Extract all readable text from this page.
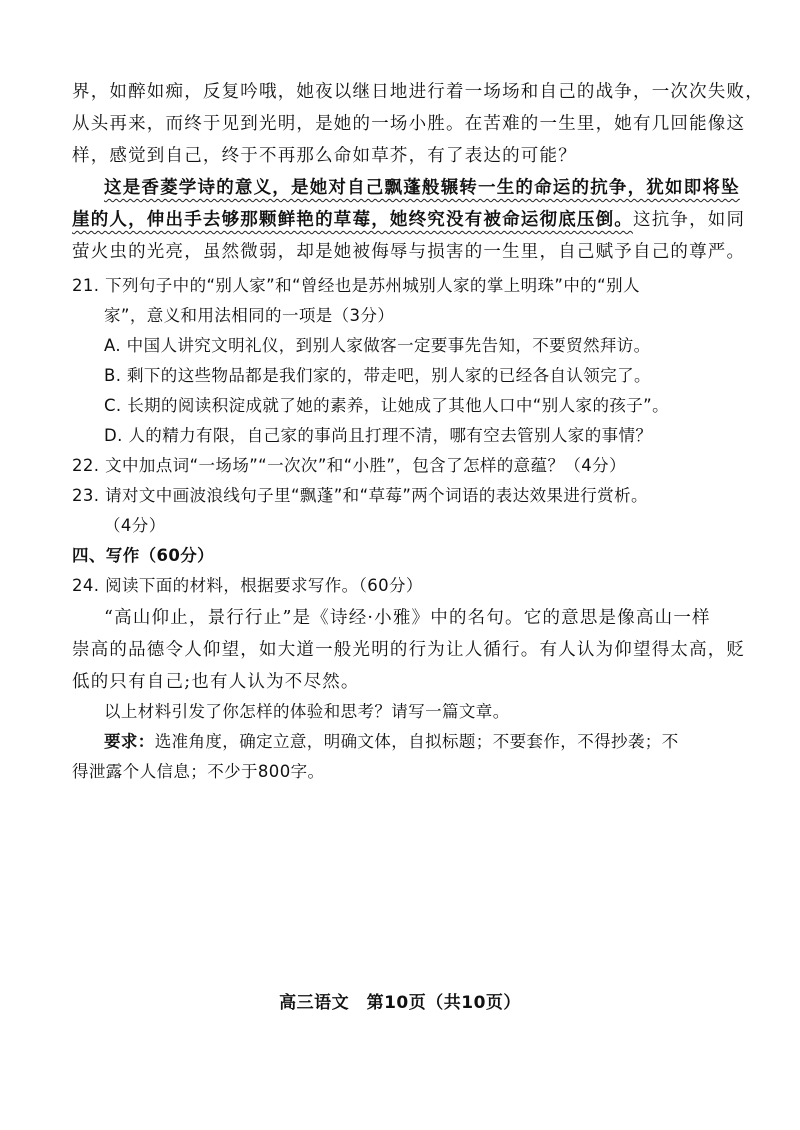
界，如醉如痴，反复吟哦，她夜以继日地进行着一场场和自己的战争，一次次失败，
从头再来，而终于见到光明，是她的一场小胜。在苦难的一生里，她有几回能像这
样，感觉到自己，终于不再那么命如草芥，有了表达的可能？
这是香菱学诗的意义，是她对自己飘蓬般辗转一生的命运的抗争，犹如即将坠
崖的人，伸出手去够那颗鲜艳的草莓，她终究没有被命运彻底压倒。这抗争，如同
萤火虫的光亮，虽然微弱，却是她被侮辱与损害的一生里，自己赋予自己的尊严。
21. 下列句子中的“别人家”和“曾经也是苏州城别人家的掌上明珠”中的“别人
家”，意义和用法相同的一项是（3分）
A. 中国人讲究文明礼仪，到别人家做客一定要事先告知，不要贸然拜访。
B. 剩下的这些物品都是我们家的，带走吧，别人家的已经各自认领完了。
C. 长期的阅读积淀成就了她的素养，让她成了其他人口中“别人家的孩子”。
D. 人的精力有限，自己家的事尚且打理不清，哪有空去管别人家的事情？
22. 文中加点词“一场场”“一次次”和“小胜”，包含了怎样的意蕴？（4分）
23. 请对文中画波浪线句子里“飘蓬”和“草莓”两个词语的表达效果进行赏析。
（4分）
四、写作（60分）
24. 阅读下面的材料，根据要求写作。（60分）
“高山仰止，景行行止”是《诗经·小雅》中的名句。它的意思是像高山一样
崇高的品德令人仰望，如大道一般光明的行为让人循行。有人认为仰望得太高，贬
低的只有自己;也有人认为不尽然。
以上材料引发了你怎样的体验和思考？请写一篇文章。
要求：选准角度，确定立意，明确文体，自拟标题；不要套作，不得抄袭；不
得泄露个人信息；不少于800字。
高三语文　第10页（共10页）
